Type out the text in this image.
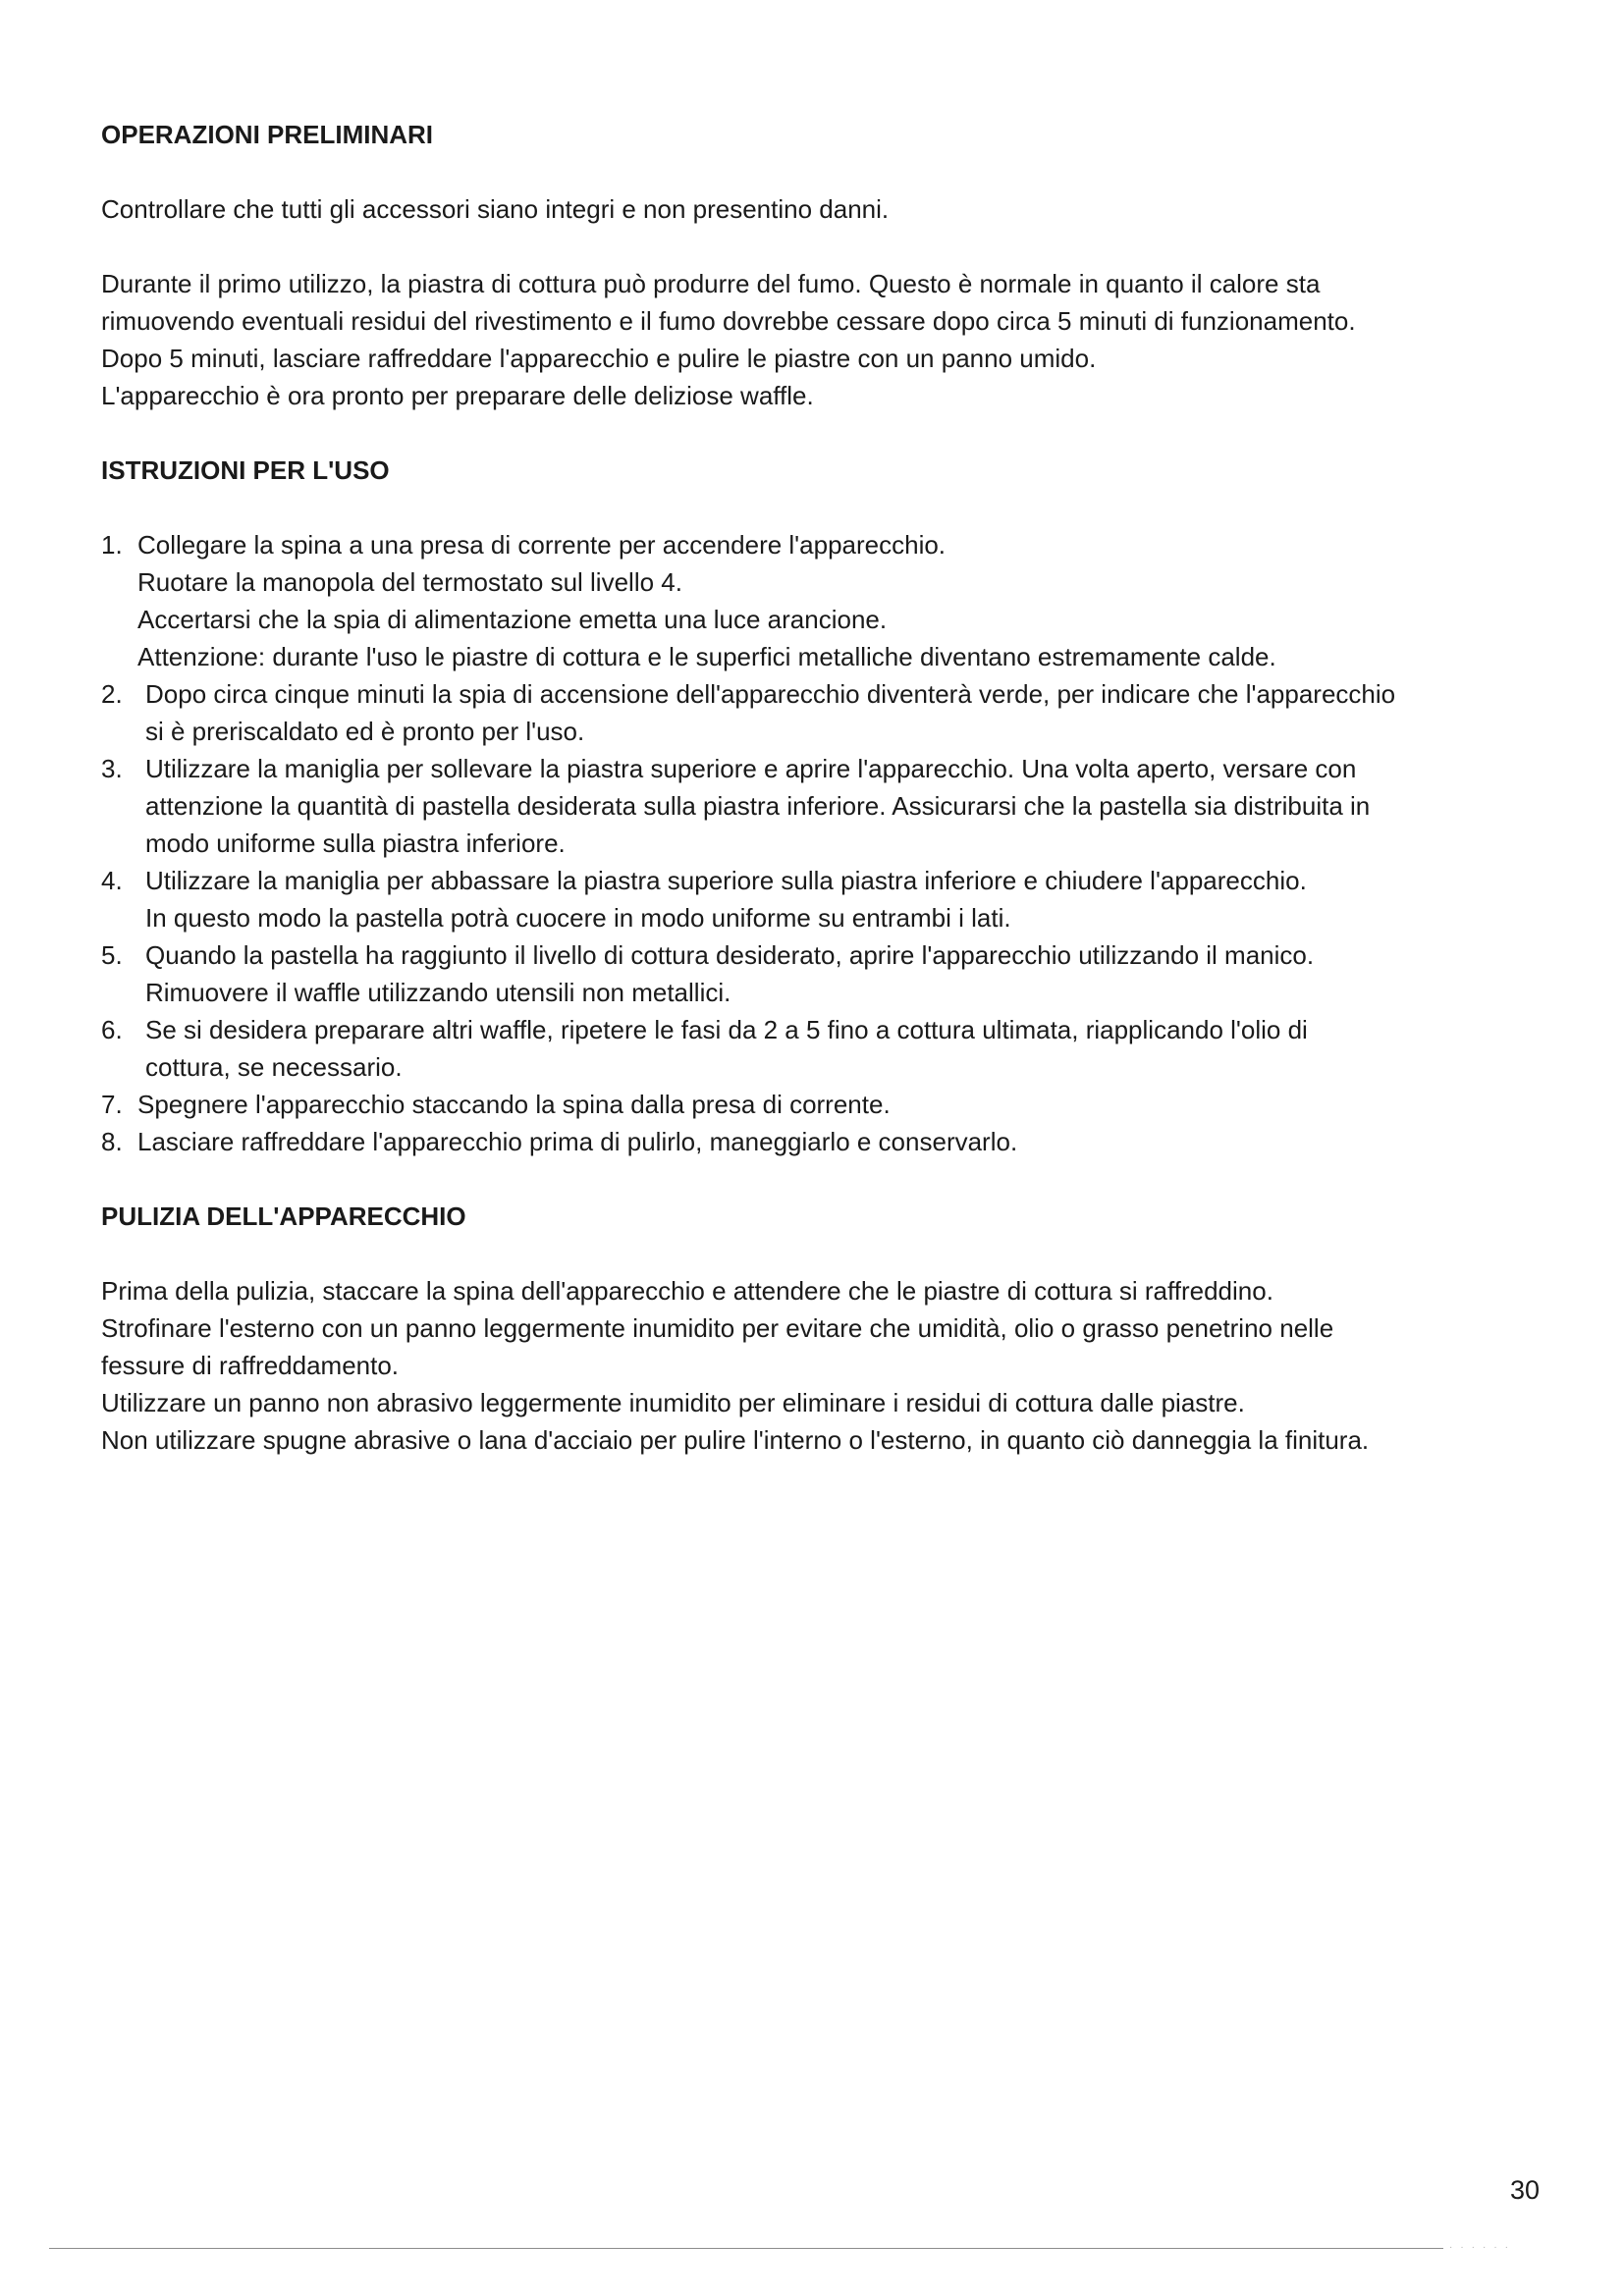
OPERAZIONI PRELIMINARI

Controllare che tutti gli accessori siano integri e non presentino danni.

Durante il primo utilizzo, la piastra di cottura può produrre del fumo. Questo è normale in quanto il calore sta
rimuovendo eventuali residui del rivestimento e il fumo dovrebbe cessare dopo circa 5 minuti di funzionamento.
Dopo 5 minuti, lasciare raffreddare l'apparecchio e pulire le piastre con un panno umido.
L'apparecchio è ora pronto per preparare delle deliziose waffle.

ISTRUZIONI PER L'USO
1. Collegare la spina a una presa di corrente per accendere l'apparecchio.
Ruotare la manopola del termostato sul livello 4.
Accertarsi che la spia di alimentazione emetta una luce arancione.
Attenzione: durante l'uso le piastre di cottura e le superfici metalliche diventano estremamente calde.
2. Dopo circa cinque minuti la spia di accensione dell'apparecchio diventerà verde, per indicare che l'apparecchio
si è preriscaldato ed è pronto per l'uso.
3. Utilizzare la maniglia per sollevare la piastra superiore e aprire l'apparecchio. Una volta aperto, versare con
attenzione la quantità di pastella desiderata sulla piastra inferiore. Assicurarsi che la pastella sia distribuita in
modo uniforme sulla piastra inferiore.
4. Utilizzare la maniglia per abbassare la piastra superiore sulla piastra inferiore e chiudere l'apparecchio.
In questo modo la pastella potrà cuocere in modo uniforme su entrambi i lati.
5. Quando la pastella ha raggiunto il livello di cottura desiderato, aprire l'apparecchio utilizzando il manico.
Rimuovere il waffle utilizzando utensili non metallici.
6. Se si desidera preparare altri waffle, ripetere le fasi da 2 a 5 fino a cottura ultimata, riapplicando l'olio di
cottura, se necessario.
7. Spegnere l'apparecchio staccando la spina dalla presa di corrente.
8. Lasciare raffreddare l'apparecchio prima di pulirlo, maneggiarlo e conservarlo.
PULIZIA DELL'APPARECCHIO

Prima della pulizia, staccare la spina dell'apparecchio e attendere che le piastre di cottura si raffreddino.
Strofinare l'esterno con un panno leggermente inumidito per evitare che umidità, olio o grasso penetrino nelle
fessure di raffreddamento.
Utilizzare un panno non abrasivo leggermente inumidito per eliminare i residui di cottura dalle piastre.
Non utilizzare spugne abrasive o lana d'acciaio per pulire l'interno o l'esterno, in quanto ciò danneggia la finitura.

30
······
